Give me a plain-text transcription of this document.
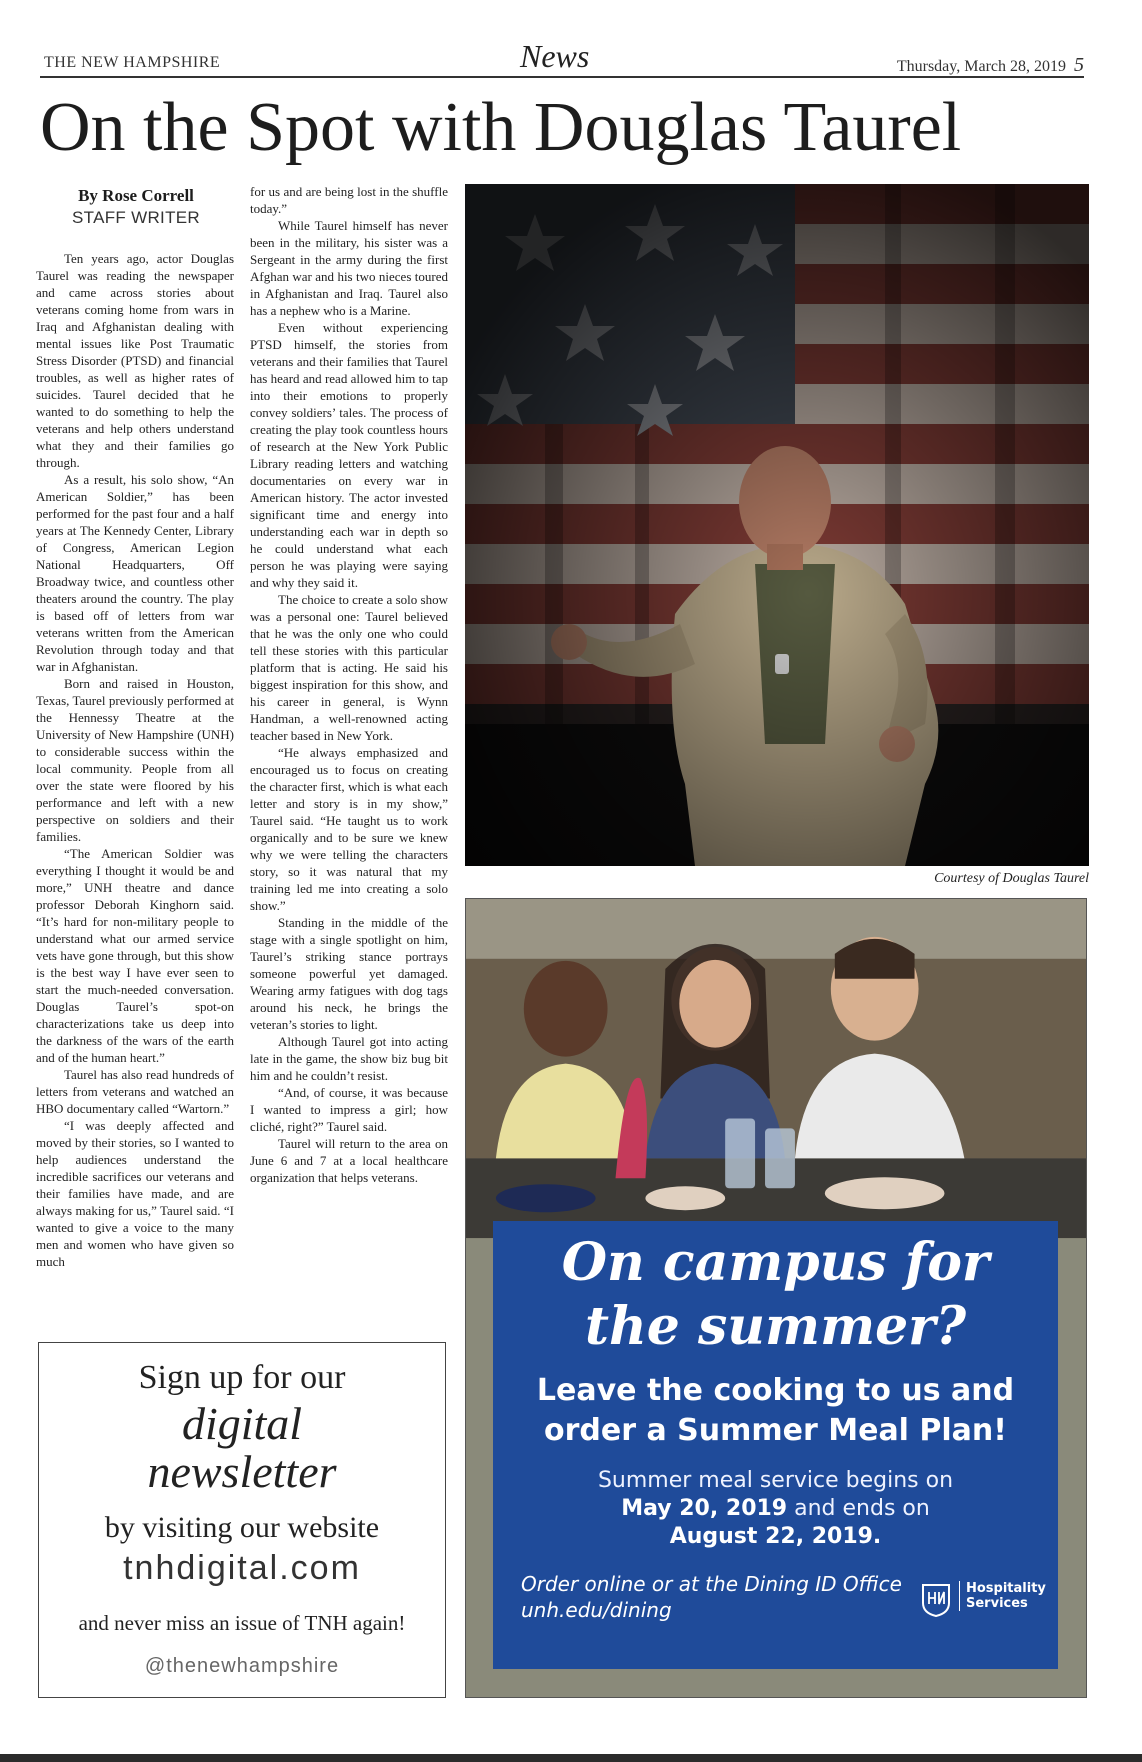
THE NEW HAMPSHIRE	News	Thursday, March 28, 2019 5
On the Spot with Douglas Taurel
By Rose Correll
STAFF WRITER

Ten years ago, actor Douglas Taurel was reading the newspaper and came across stories about veterans coming home from wars in Iraq and Afghanistan dealing with mental issues like Post Traumatic Stress Disorder (PTSD) and financial troubles, as well as higher rates of suicides. Taurel decided that he wanted to do something to help the veterans and help others understand what they and their families go through.

As a result, his solo show, “An American Soldier,” has been performed for the past four and a half years at The Kennedy Center, Library of Congress, American Legion National Headquarters, Off Broadway twice, and countless other theaters around the country. The play is based off of letters from war veterans written from the American Revolution through today and that war in Afghanistan.

Born and raised in Houston, Texas, Taurel previously performed at the Hennessy Theatre at the University of New Hampshire (UNH) to considerable success within the local community. People from all over the state were floored by his performance and left with a new perspective on soldiers and their families.

“The American Soldier was everything I thought it would be and more,” UNH theatre and dance professor Deborah Kinghorn said. “It’s hard for non-military people to understand what our armed service vets have gone through, but this show is the best way I have ever seen to start the much-needed conversation. Douglas Taurel’s spot-on characterizations take us deep into the darkness of the wars of the earth and of the human heart.”

Taurel has also read hundreds of letters from veterans and watched an HBO documentary called “Wartorn.”

“I was deeply affected and moved by their stories, so I wanted to help audiences understand the incredible sacrifices our veterans and their families have made, and are always making for us,” Taurel said. “I wanted to give a voice to the many men and women who have given so much

for us and are being lost in the shuffle today.”

While Taurel himself has never been in the military, his sister was a Sergeant in the army during the first Afghan war and his two nieces toured in Afghanistan and Iraq. Taurel also has a nephew who is a Marine.

Even without experiencing PTSD himself, the stories from veterans and their families that Taurel has heard and read allowed him to tap into their emotions to properly convey soldiers’ tales. The process of creating the play took countless hours of research at the New York Public Library reading letters and watching documentaries on every war in American history. The actor invested significant time and energy into understanding each war in depth so he could understand what each person he was playing were saying and why they said it.

The choice to create a solo show was a personal one: Taurel believed that he was the only one who could tell these stories with this particular platform that is acting. He said his biggest inspiration for this show, and his career in general, is Wynn Handman, a well-renowned acting teacher based in New York.

“He always emphasized and encouraged us to focus on creating the character first, which is what each letter and story is in my show,” Taurel said. “He taught us to work organically and to be sure we knew why we were telling the characters story, so it was natural that my training led me into creating a solo show.”

Standing in the middle of the stage with a single spotlight on him, Taurel’s striking stance portrays someone powerful yet damaged. Wearing army fatigues with dog tags around his neck, he brings the veteran’s stories to light.

Although Taurel got into acting late in the game, the show biz bug bit him and he couldn’t resist.

“And, of course, it was because I wanted to impress a girl; how cliché, right?” Taurel said.

Taurel will return to the area on June 6 and 7 at a local healthcare organization that helps veterans.

Courtesy of Douglas Taurel
Sign up for our
digital
newsletter
by visiting our website
tnhdigital.com
and never miss an issue of TNH again!
@thenewhampshire
On campus for
the summer?
Leave the cooking to us and
order a Summer Meal Plan!
Summer meal service begins on
May 20, 2019 and ends on
August 22, 2019.
Order online or at the Dining ID Office
unh.edu/dining
Hospitality
Services
